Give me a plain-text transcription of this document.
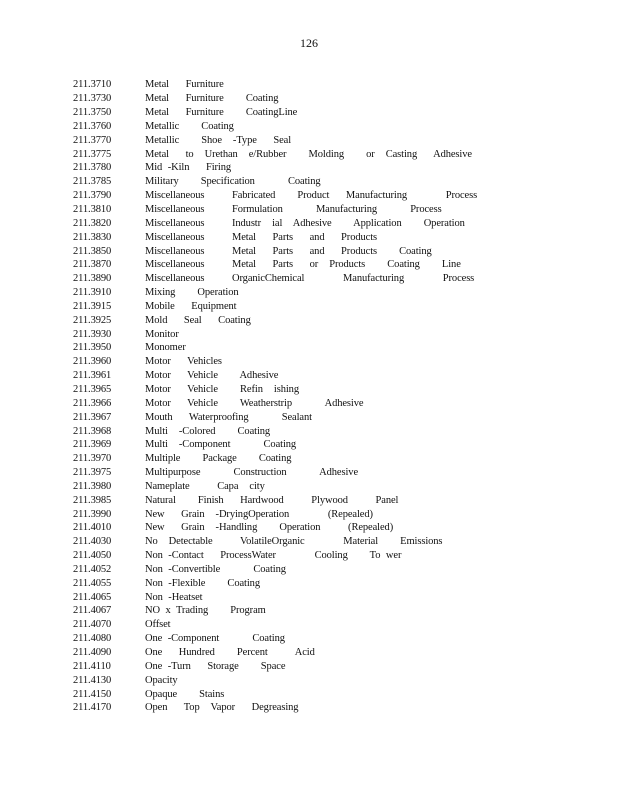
126
211.3710	Metal   Furniture
211.3730	Metal   Furniture    Coating
211.3750	Metal   Furniture    CoatingLine
211.3760	Metallic    Coating
211.3770	Metallic    Shoe  -Type   Seal
211.3775	Metal   to  Urethan  e/Rubber    Molding    or  Casting   Adhesive
211.3780	Mid -Kiln   Firing
211.3785	Military    Specification      Coating
211.3790	Miscellaneous     Fabricated    Product   Manufacturing       Process
211.3810	Miscellaneous     Formulation      Manufacturing      Process
211.3820	Miscellaneous     Industr  ial  Adhesive    Application    Operation
211.3830	Miscellaneous     Metal   Parts   and   Products
211.3850	Miscellaneous     Metal   Parts   and   Products    Coating
211.3870	Miscellaneous     Metal   Parts   or  Products    Coating    Line
211.3890	Miscellaneous     OrganicChemical       Manufacturing       Process
211.3910	Mixing    Operation
211.3915	Mobile   Equipment
211.3925	Mold   Seal   Coating
211.3930	Monitor
211.3950	Monomer
211.3960	Motor   Vehicles
211.3961	Motor   Vehicle    Adhesive
211.3965	Motor   Vehicle    Refin  ishing
211.3966	Motor   Vehicle    Weatherstrip      Adhesive
211.3967	Mouth   Waterproofing      Sealant
211.3968	Multi  -Colored    Coating
211.3969	Multi  -Component      Coating
211.3970	Multiple    Package    Coating
211.3975	Multipurpose      Construction      Adhesive
211.3980	Nameplate     Capa  city
211.3985	Natural    Finish   Hardwood     Plywood     Panel
211.3990	New   Grain  -DryingOperation       (Repealed)
211.4010	New   Grain  -Handling    Operation     (Repealed)
211.4030	No  Detectable     VolatileOrganic       Material    Emissions
211.4050	Non -Contact   ProcessWater       Cooling    To wer
211.4052	Non -Convertible      Coating
211.4055	Non -Flexible    Coating
211.4065	Non -Heatset
211.4067	NO x Trading    Program
211.4070	Offset
211.4080	One -Component      Coating
211.4090	One   Hundred    Percent     Acid
211.4110	One -Turn   Storage    Space
211.4130	Opacity
211.4150	Opaque    Stains
211.4170	Open   Top  Vapor   Degreasing
